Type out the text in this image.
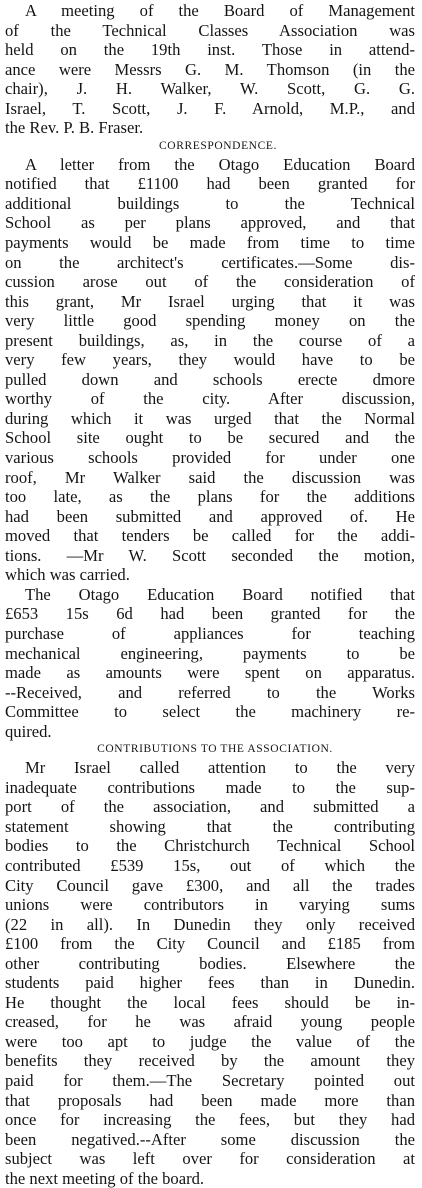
A meeting of the Board of Management
of the Technical Classes Association was
held on the 19th inst. Those in attend-
ance were Messrs G. M. Thomson (in the
chair), J. H. Walker, W. Scott, G. G.
Israel, T. Scott, J. F. Arnold, M.P., and
the Rev. P. B. Fraser.

CORRESPONDENCE.

A letter from the Otago Education Board
notified that £1100 had been granted for
additional buildings to the Technical
School as per plans approved, and that
payments would be made from time to time
on the architect's certificates.—Some dis-
cussion arose out of the consideration of
this grant, Mr Israel urging that it was
very little good spending money on the
present buildings, as, in the course of a
very few years, they would have to be
pulled down and schools erecte dmore
worthy of the city. After discussion,
during which it was urged that the Normal
School site ought to be secured and the
various schools provided for under one
roof, Mr Walker said the discussion was
too late, as the plans for the additions
had been submitted and approved of. He
moved that tenders be called for the addi-
tions. —Mr W. Scott seconded the motion,
which was carried.

The Otago Education Board notified that
£653 15s 6d had been granted for the
purchase of appliances for teaching
mechanical engineering, payments to be
made as amounts were spent on apparatus.
--Received, and referred to the Works
Committee to select the machinery re-
quired.

CONTRIBUTIONS TO THE ASSOCIATION.

Mr Israel called attention to the very
inadequate contributions made to the sup-
port of the association, and submitted a
statement showing that the contributing
bodies to the Christchurch Technical School
contributed £539 15s, out of which the
City Council gave £300, and all the trades
unions were contributors in varying sums
(22 in all). In Dunedin they only received
£100 from the City Council and £185 from
other contributing bodies. Elsewhere the
students paid higher fees than in Dunedin.
He thought the local fees should be in-
creased, for he was afraid young people
were too apt to judge the value of the
benefits they received by the amount they
paid for them.—The Secretary pointed out
that proposals had been made more than
once for increasing the fees, but they had
been negatived.--After some discussion the
subject was left over for consideration at
the next meeting of the board.
